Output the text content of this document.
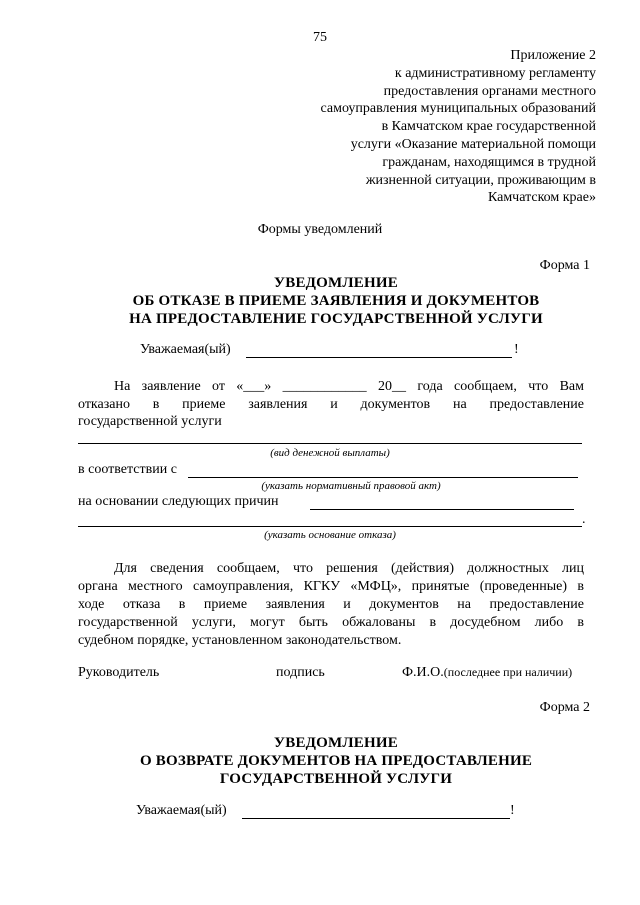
75
Приложение 2
к административному регламенту
предоставления органами местного
самоуправления муниципальных образований
в Камчатском крае государственной
услуги «Оказание материальной помощи
гражданам, находящимся в трудной
жизненной ситуации, проживающим в
Камчатском крае»
Формы уведомлений
Форма 1
УВЕДОМЛЕНИЕ
ОБ ОТКАЗЕ В ПРИЕМЕ ЗАЯВЛЕНИЯ И ДОКУМЕНТОВ
НА ПРЕДОСТАВЛЕНИЕ ГОСУДАРСТВЕННОЙ УСЛУГИ
Уважаемая(ый)	!
На заявление от «___» ____________ 20__ года сообщаем, что Вам
отказано в приеме заявления и документов на предоставление
государственной услуги
(вид денежной выплаты)
в соответствии с
(указать нормативный правовой акт)
на основании следующих причин
.
(указать основание отказа)
Для сведения сообщаем, что решения (действия) должностных лиц
органа местного самоуправления, КГКУ «МФЦ», принятые (проведенные) в
ходе отказа в приеме заявления и документов на предоставление
государственной услуги, могут быть обжалованы в досудебном либо в
судебном порядке, установленном законодательством.
Руководитель	подпись	Ф.И.О.(последнее при наличии)
Форма 2
УВЕДОМЛЕНИЕ
О ВОЗВРАТЕ ДОКУМЕНТОВ НА ПРЕДОСТАВЛЕНИЕ
ГОСУДАРСТВЕННОЙ УСЛУГИ
Уважаемая(ый)	!
